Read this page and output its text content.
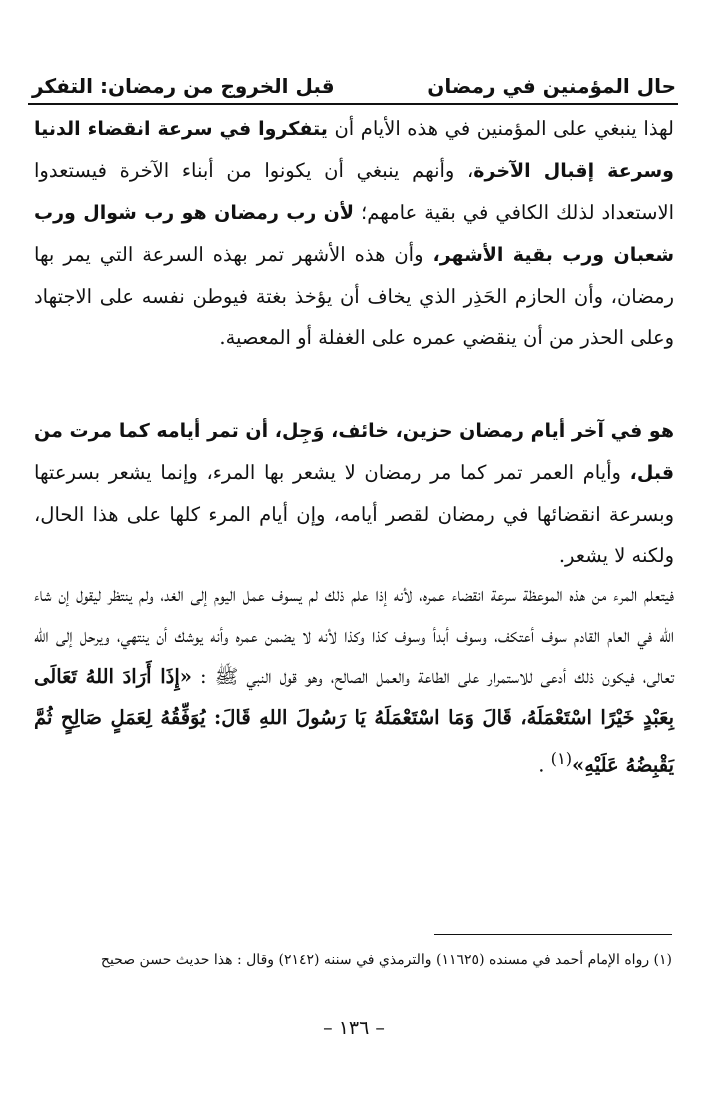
حال المؤمنين في رمضان
قبل الخروج من رمضان: التفكر

لهذا ينبغي على المؤمنين في هذه الأيام أن يتفكروا في سرعة انقضاء الدنيا وسرعة إقبال الآخرة، وأنهم ينبغي أن يكونوا من أبناء الآخرة فيستعدوا الاستعداد لذلك الكافي في بقية عامهم؛ لأن رب رمضان هو رب شوال ورب شعبان ورب بقية الأشهر، وأن هذه الأشهر تمر بهذه السرعة التي يمر بها رمضان، وأن الحازم الحَذِر الذي يخاف أن يؤخذ بغتة فيوطن نفسه على الاجتهاد وعلى الحذر من أن ينقضي عمره على الغفلة أو المعصية.

هو في آخر أيام رمضان حزين، خائف، وَجِل، أن تمر أيامه كما مرت من قبل، وأيام العمر تمر كما مر رمضان لا يشعر بها المرء، وإنما يشعر بسرعتها وبسرعة انقضائها في رمضان لقصر أيامه، وإن أيام المرء كلها على هذا الحال، ولكنه لا يشعر.

فيتعلم المرء من هذه الموعظة سرعة انقضاء عمره، لأنه إذا علم ذلك لم يسوف عمل اليوم إلى الغد، ولم ينتظر ليقول إن شاء الله في العام القادم سوف أعتكف، وسوف أبدأ وسوف كذا وكذا لأنه لا يضمن عمره وأنه يوشك أن ينتهي، ويرحل إلى الله تعالى، فيكون ذلك أدعى للاستمرار على الطاعة والعمل الصالح، وهو قول النبي ﷺ : «إِذَا أَرَادَ اللهُ تَعَالَى بِعَبْدٍ خَيْرًا اسْتَعْمَلَهُ، قَالَ وَمَا اسْتَعْمَلَهُ يَا رَسُولَ اللهِ قَالَ: يُوَفِّقُهُ لِعَمَلٍ صَالِحٍ ثُمَّ يَقْبِضُهُ عَلَيْهِ»$^{(١)}$ .

(١) رواه الإمام أحمد في مسنده (١١٦٢٥) والترمذي في سننه (٢١٤٢) وقال : هذا حديث حسن صحيح

– ١٣٦ –
